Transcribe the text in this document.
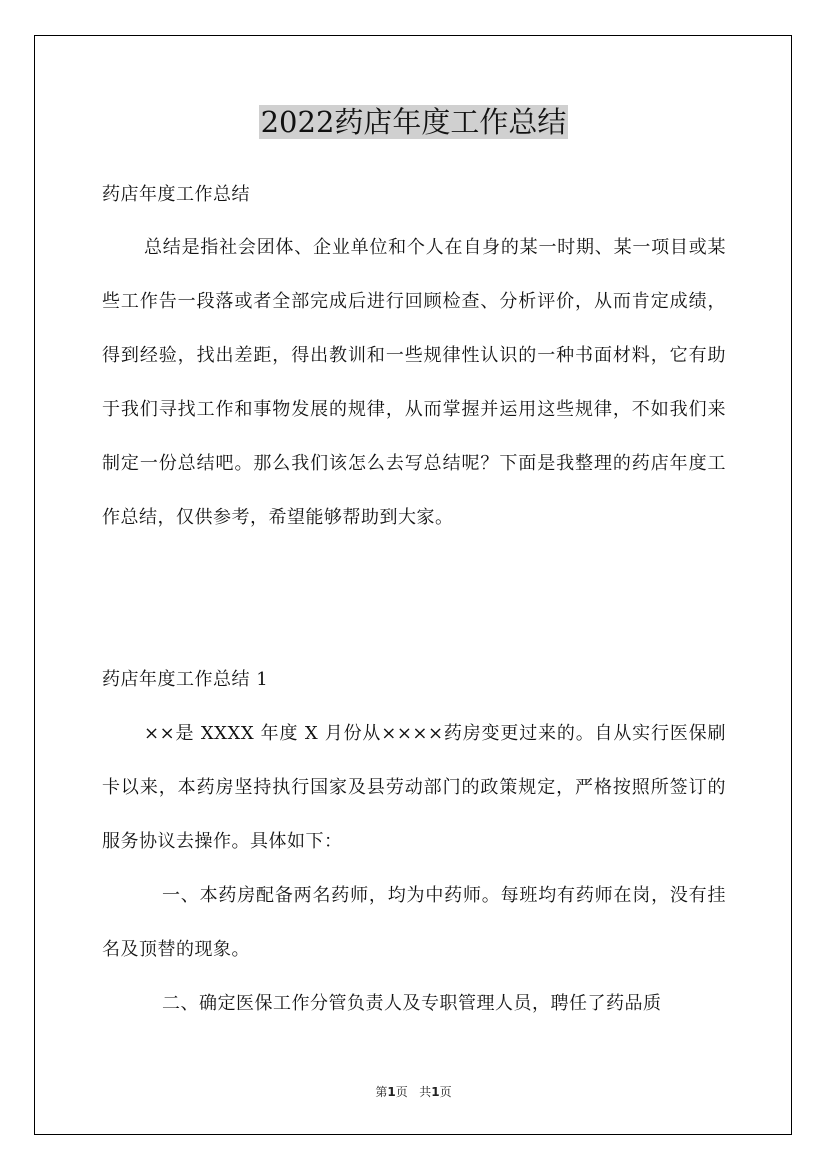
2022药店年度工作总结

药店年度工作总结

总结是指社会团体、企业单位和个人在自身的某一时期、某一项目或某些工作告一段落或者全部完成后进行回顾检查、分析评价，从而肯定成绩，得到经验，找出差距，得出教训和一些规律性认识的一种书面材料，它有助于我们寻找工作和事物发展的规律，从而掌握并运用这些规律，不如我们来制定一份总结吧。那么我们该怎么去写总结呢？下面是我整理的药店年度工作总结，仅供参考，希望能够帮助到大家。

药店年度工作总结 1

××是 XXXX 年度 X 月份从××××药房变更过来的。自从实行医保刷卡以来，本药房坚持执行国家及县劳动部门的政策规定，严格按照所签订的服务协议去操作。具体如下：

一、本药房配备两名药师，均为中药师。每班均有药师在岗，没有挂名及顶替的现象。

二、确定医保工作分管负责人及专职管理人员，聘任了药品质

第1页 共1页
